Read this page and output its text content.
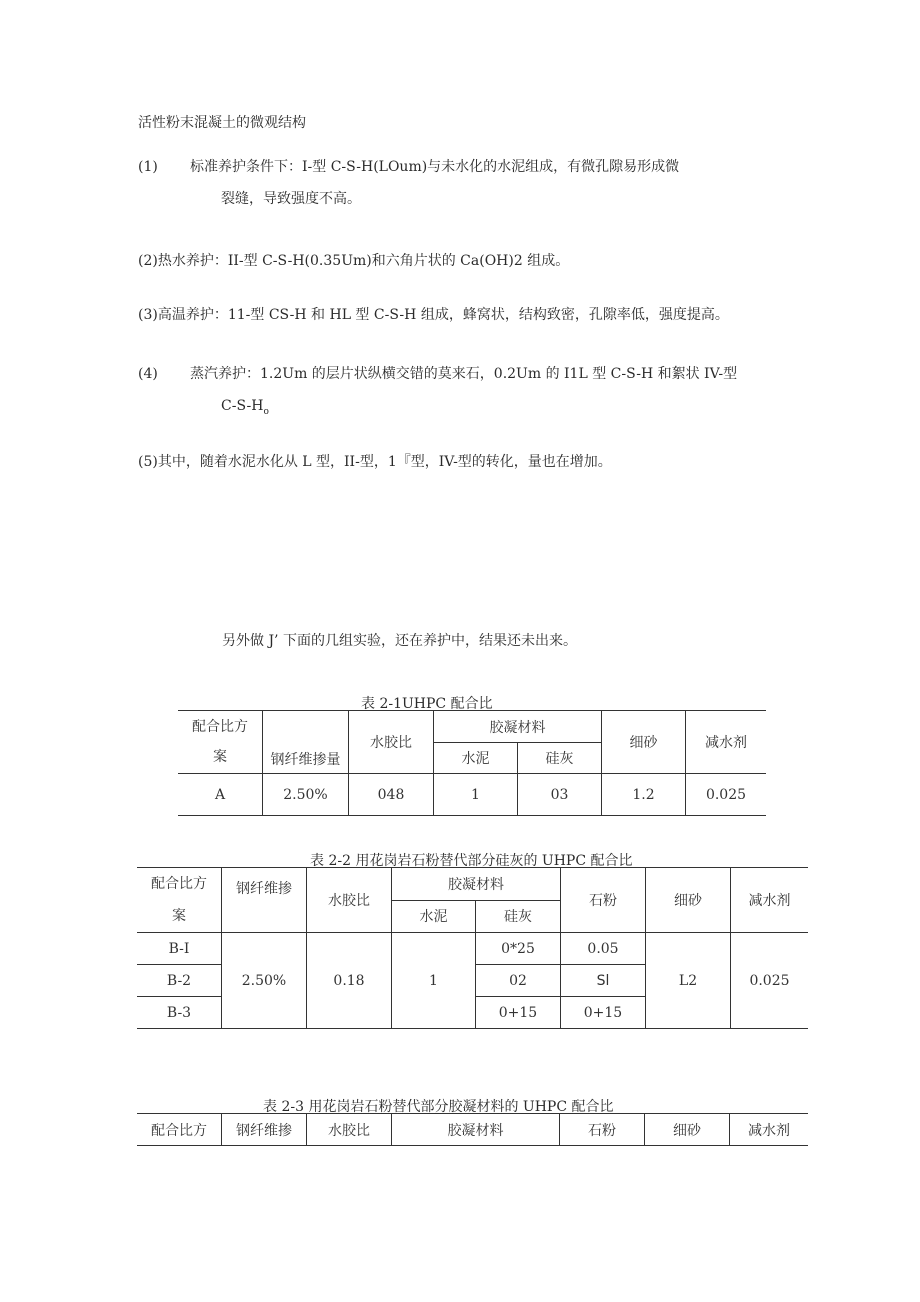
活性粉末混凝土的微观结构
(1) 标准养护条件下：I-型 C-S-H(LOum)与未水化的水泥组成，有微孔隙易形成微
裂缝，导致强度不高。
(2)热水养护：II-型 C-S-H(0.35Um)和六角片状的 Ca(OH)2 组成。
(3)高温养护：11-型 CS-H 和 HL 型 C-S-H 组成，蜂窝状，结构致密，孔隙率低，强度提高。
(4) 蒸汽养护：1.2Um 的层片状纵横交错的莫来石，0.2Um 的 I1L 型 C-S-H 和絮状 IV-型
$C-S-H_o$
(5)其中，随着水泥水化从 L 型，II-型，1『型，IV-型的转化，量也在增加。
另外做 J’ 下面的几组实验，还在养护中，结果还未出来。
表 2-1UHPC 配合比
配合比方
案	钢纤维掺量	水胶比	胶凝材料		细砂	减水剂
			水泥	硅灰		
A	2.50%	048	1	03	1.2	0.025
表 2-2 用花岗岩石粉替代部分硅灰的 UHPC 配合比
配合比方
案	钢纤维掺	水胶比	胶凝材料		石粉	细砂	减水剂
			水泥	硅灰			
B-I	2.50%	0.18	1	0*25	0.05	L2	0.025
B-2				02	Sl		
B-3				0+15	0+15		
表 2-3 用花岗岩石粉替代部分胶凝材料的 UHPC 配合比
配合比方	钢纤维掺	水胶比	胶凝材料	石粉	细砂	减水剂
